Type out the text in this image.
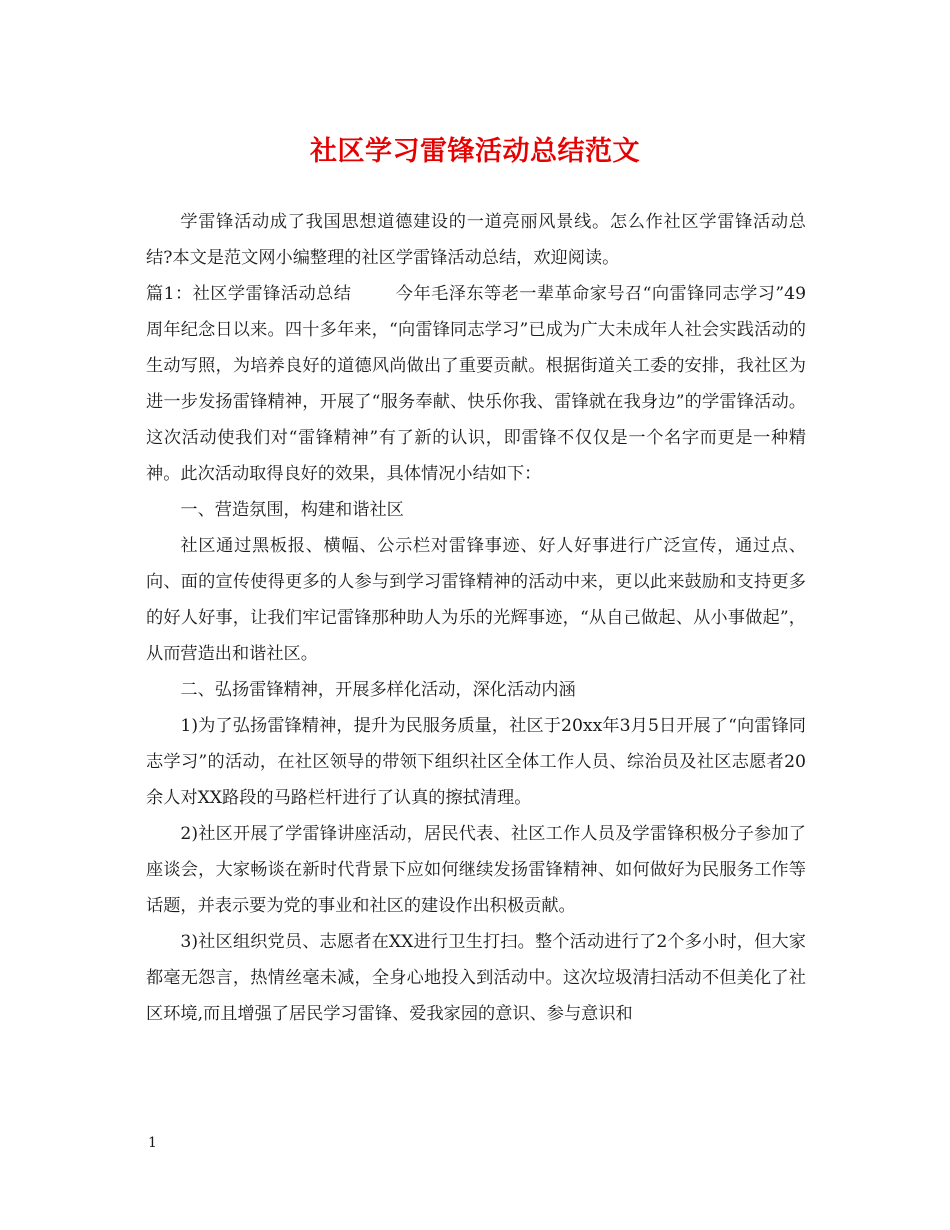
社区学习雷锋活动总结范文

学雷锋活动成了我国思想道德建设的一道亮丽风景线。怎么作社区学雷锋活动总结?本文是范文网小编整理的社区学雷锋活动总结，欢迎阅读。

篇1：社区学雷锋活动总结	今年毛泽东等老一辈革命家号召“向雷锋同志学习”49周年纪念日以来。四十多年来，“向雷锋同志学习”已成为广大未成年人社会实践活动的生动写照，为培养良好的道德风尚做出了重要贡献。根据街道关工委的安排，我社区为进一步发扬雷锋精神，开展了“服务奉献、快乐你我、雷锋就在我身边”的学雷锋活动。这次活动使我们对“雷锋精神”有了新的认识，即雷锋不仅仅是一个名字而更是一种精神。此次活动取得良好的效果，具体情况小结如下：

一、营造氛围，构建和谐社区

社区通过黑板报、横幅、公示栏对雷锋事迹、好人好事进行广泛宣传，通过点、向、面的宣传使得更多的人参与到学习雷锋精神的活动中来，更以此来鼓励和支持更多的好人好事，让我们牢记雷锋那种助人为乐的光辉事迹，“从自己做起、从小事做起”，从而营造出和谐社区。

二、弘扬雷锋精神，开展多样化活动，深化活动内涵

1)为了弘扬雷锋精神，提升为民服务质量，社区于20xx年3月5日开展了“向雷锋同志学习”的活动，在社区领导的带领下组织社区全体工作人员、综治员及社区志愿者20余人对XX路段的马路栏杆进行了认真的擦拭清理。

2)社区开展了学雷锋讲座活动，居民代表、社区工作人员及学雷锋积极分子参加了座谈会，大家畅谈在新时代背景下应如何继续发扬雷锋精神、如何做好为民服务工作等话题，并表示要为党的事业和社区的建设作出积极贡献。

3)社区组织党员、志愿者在XX进行卫生打扫。整个活动进行了2个多小时，但大家都毫无怨言，热情丝毫未减，全身心地投入到活动中。这次垃圾清扫活动不但美化了社区环境,而且增强了居民学习雷锋、爱我家园的意识、参与意识和

1
